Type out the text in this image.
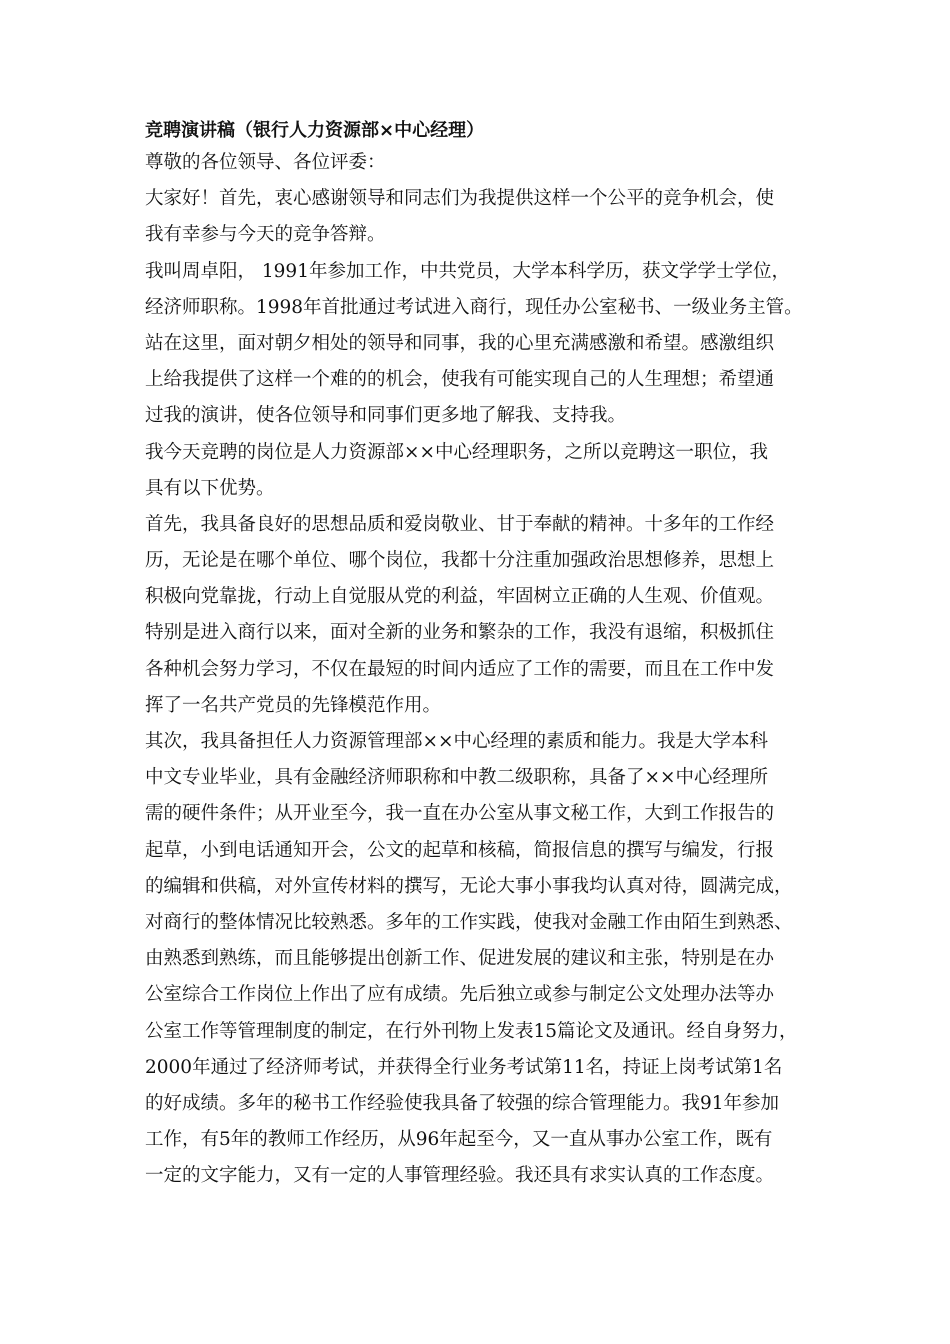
竞聘演讲稿（银行人力资源部×中心经理）

尊敬的各位领导、各位评委：

大家好！首先，衷心感谢领导和同志们为我提供这样一个公平的竞争机会，使

我有幸参与今天的竞争答辩。

我叫周卓阳， 1991年参加工作，中共党员，大学本科学历，获文学学士学位，

经济师职称。1998年首批通过考试进入商行，现任办公室秘书、一级业务主管。

站在这里，面对朝夕相处的领导和同事，我的心里充满感激和希望。感激组织

上给我提供了这样一个难的的机会，使我有可能实现自己的人生理想；希望通

过我的演讲，使各位领导和同事们更多地了解我、支持我。

我今天竞聘的岗位是人力资源部××中心经理职务，之所以竞聘这一职位，我

具有以下优势。

首先，我具备良好的思想品质和爱岗敬业、甘于奉献的精神。十多年的工作经

历，无论是在哪个单位、哪个岗位，我都十分注重加强政治思想修养，思想上

积极向党靠拢，行动上自觉服从党的利益，牢固树立正确的人生观、价值观。

特别是进入商行以来，面对全新的业务和繁杂的工作，我没有退缩，积极抓住

各种机会努力学习，不仅在最短的时间内适应了工作的需要，而且在工作中发

挥了一名共产党员的先锋模范作用。

其次，我具备担任人力资源管理部××中心经理的素质和能力。我是大学本科

中文专业毕业，具有金融经济师职称和中教二级职称，具备了××中心经理所

需的硬件条件；从开业至今，我一直在办公室从事文秘工作，大到工作报告的

起草，小到电话通知开会，公文的起草和核稿，简报信息的撰写与编发，行报

的编辑和供稿，对外宣传材料的撰写，无论大事小事我均认真对待，圆满完成，

对商行的整体情况比较熟悉。多年的工作实践，使我对金融工作由陌生到熟悉、

由熟悉到熟练，而且能够提出创新工作、促进发展的建议和主张，特别是在办

公室综合工作岗位上作出了应有成绩。先后独立或参与制定公文处理办法等办

公室工作等管理制度的制定，在行外刊物上发表15篇论文及通讯。经自身努力，

2000年通过了经济师考试，并获得全行业务考试第11名，持证上岗考试第1名

的好成绩。多年的秘书工作经验使我具备了较强的综合管理能力。我91年参加

工作，有5年的教师工作经历，从96年起至今，又一直从事办公室工作，既有

一定的文字能力，又有一定的人事管理经验。我还具有求实认真的工作态度。
